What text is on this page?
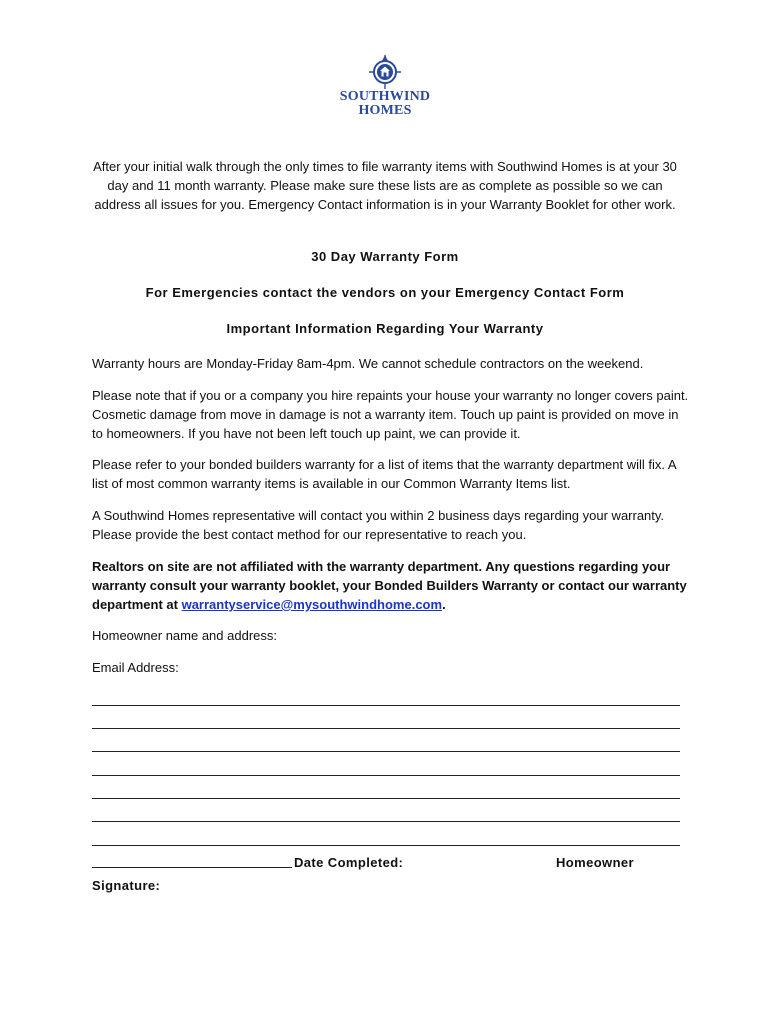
SOUTHWIND
HOMES
After your initial walk through the only times to file warranty items with Southwind Homes is at your 30 day and 11 month warranty. Please make sure these lists are as complete as possible so we can address all issues for you. Emergency Contact information is in your Warranty Booklet for other work.
30 Day Warranty Form
For Emergencies contact the vendors on your Emergency Contact Form
Important Information Regarding Your Warranty
Warranty hours are Monday-Friday 8am-4pm. We cannot schedule contractors on the weekend.
Please note that if you or a company you hire repaints your house your warranty no longer covers paint. Cosmetic damage from move in damage is not a warranty item. Touch up paint is provided on move in to homeowners. If you have not been left touch up paint, we can provide it.
Please refer to your bonded builders warranty for a list of items that the warranty department will fix. A list of most common warranty items is available in our Common Warranty Items list.
A Southwind Homes representative will contact you within 2 business days regarding your warranty. Please provide the best contact method for our representative to reach you.
Realtors on site are not affiliated with the warranty department. Any questions regarding your warranty consult your warranty booklet, your Bonded Builders Warranty or contact our warranty department at warrantyservice@mysouthwindhome.com.
Homeowner name and address:
Email Address:
Date Completed:	Homeowner
Signature:
